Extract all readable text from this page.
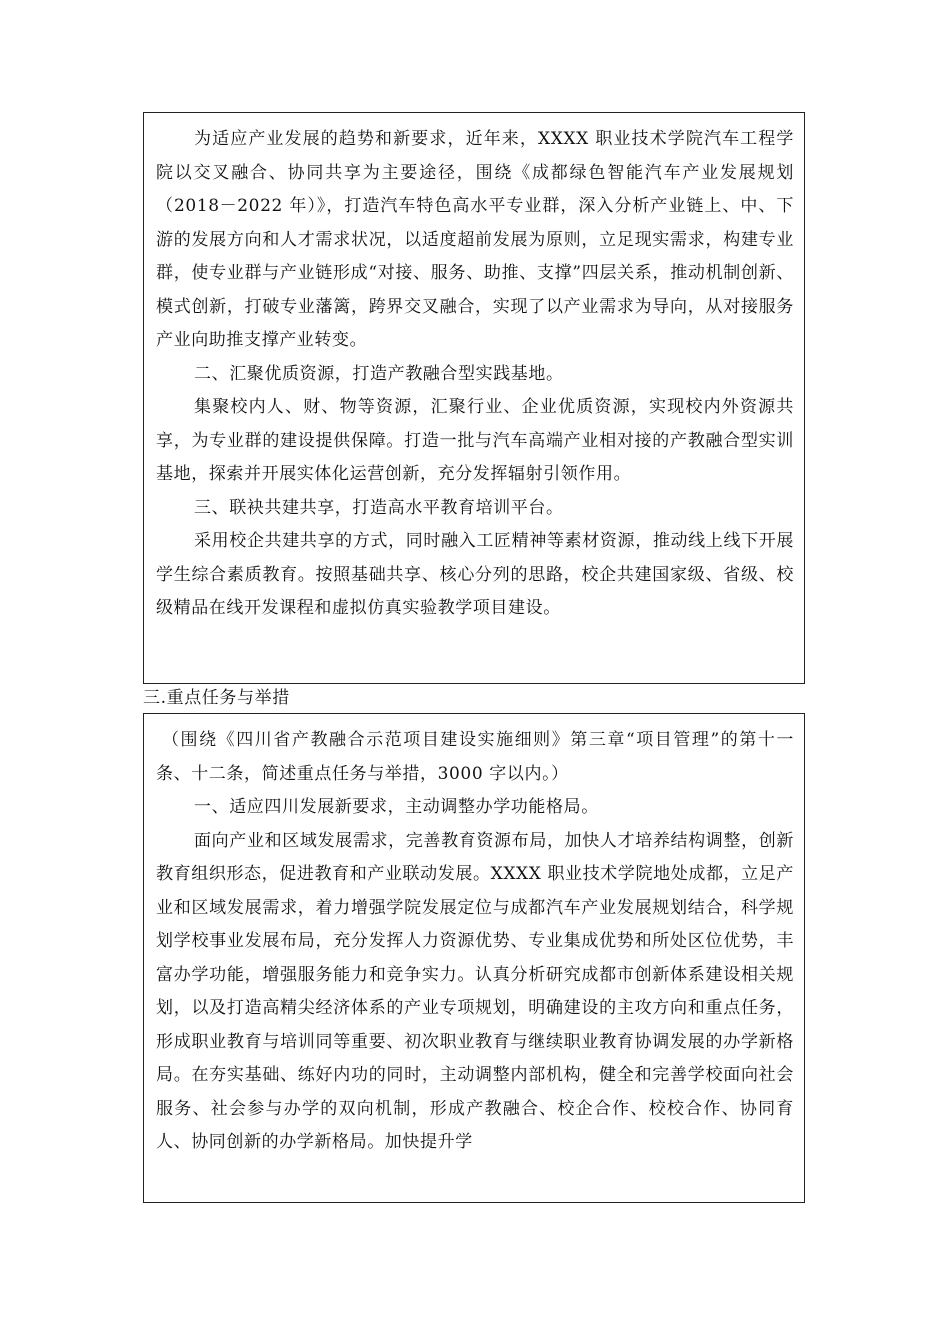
为适应产业发展的趋势和新要求，近年来，XXXX 职业技术学院汽车工程学院以交叉融合、协同共享为主要途径，围绕《成都绿色智能汽车产业发展规划（2018－2022 年）》，打造汽车特色高水平专业群，深入分析产业链上、中、下游的发展方向和人才需求状况，以适度超前发展为原则，立足现实需求，构建专业群，使专业群与产业链形成“对接、服务、助推、支撑”四层关系，推动机制创新、模式创新，打破专业藩篱，跨界交叉融合，实现了以产业需求为导向，从对接服务产业向助推支撑产业转变。

二、汇聚优质资源，打造产教融合型实践基地。

集聚校内人、财、物等资源，汇聚行业、企业优质资源，实现校内外资源共享，为专业群的建设提供保障。打造一批与汽车高端产业相对接的产教融合型实训基地，探索并开展实体化运营创新，充分发挥辐射引领作用。

三、联袂共建共享，打造高水平教育培训平台。

采用校企共建共享的方式，同时融入工匠精神等素材资源，推动线上线下开展学生综合素质教育。按照基础共享、核心分列的思路，校企共建国家级、省级、校级精品在线开发课程和虚拟仿真实验教学项目建设。

三.重点任务与举措

（围绕《四川省产教融合示范项目建设实施细则》第三章“项目管理”的第十一条、十二条，简述重点任务与举措，3000 字以内。）

一、适应四川发展新要求，主动调整办学功能格局。

面向产业和区域发展需求，完善教育资源布局，加快人才培养结构调整，创新教育组织形态，促进教育和产业联动发展。XXXX 职业技术学院地处成都，立足产业和区域发展需求，着力增强学院发展定位与成都汽车产业发展规划结合，科学规划学校事业发展布局，充分发挥人力资源优势、专业集成优势和所处区位优势，丰富办学功能，增强服务能力和竞争实力。认真分析研究成都市创新体系建设相关规划，以及打造高精尖经济体系的产业专项规划，明确建设的主攻方向和重点任务，形成职业教育与培训同等重要、初次职业教育与继续职业教育协调发展的办学新格局。在夯实基础、练好内功的同时，主动调整内部机构，健全和完善学校面向社会服务、社会参与办学的双向机制，形成产教融合、校企合作、校校合作、协同育人、协同创新的办学新格局。加快提升学
